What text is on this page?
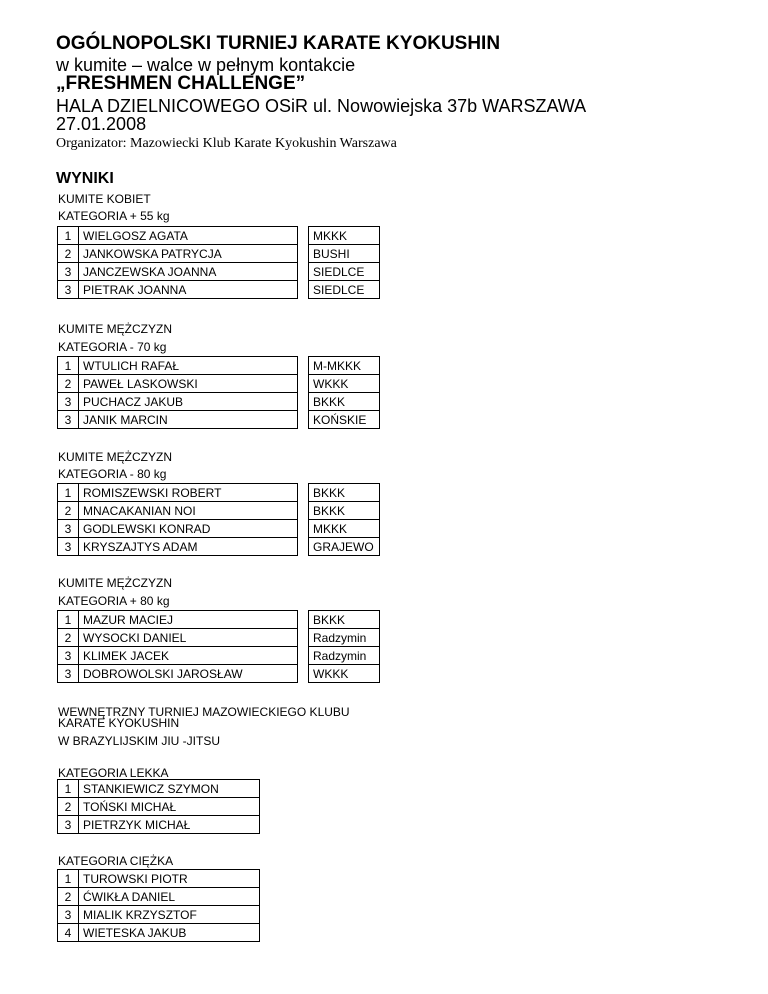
OGÓLNOPOLSKI TURNIEJ KARATE KYOKUSHIN
w kumite – walce w pełnym kontakcie
„FRESHMEN CHALLENGE”
HALA DZIELNICOWEGO OSiR ul. Nowowiejska 37b WARSZAWA
27.01.2008
Organizator: Mazowiecki Klub Karate Kyokushin Warszawa
WYNIKI
KUMITE KOBIET
KATEGORIA + 55 kg
1	WIELGOSZ AGATA		MKKK
2	JANKOWSKA PATRYCJA		BUSHI
3	JANCZEWSKA JOANNA		SIEDLCE
3	PIETRAK JOANNA		SIEDLCE
KUMITE MĘŻCZYZN
KATEGORIA - 70 kg
1	WTULICH RAFAŁ		M-MKKK
2	PAWEŁ LASKOWSKI		WKKK
3	PUCHACZ JAKUB		BKKK
3	JANIK MARCIN		KOŃSKIE
KUMITE MĘŻCZYZN
KATEGORIA - 80 kg
1	ROMISZEWSKI ROBERT		BKKK
2	MNACAKANIAN NOI		BKKK
3	GODLEWSKI KONRAD		MKKK
3	KRYSZAJTYS ADAM		GRAJEWO
KUMITE MĘŻCZYZN
KATEGORIA + 80 kg
1	MAZUR MACIEJ		BKKK
2	WYSOCKI DANIEL		Radzymin
3	KLIMEK JACEK		Radzymin
3	DOBROWOLSKI JAROSŁAW		WKKK
WEWNĘTRZNY TURNIEJ MAZOWIECKIEGO KLUBU
KARATE KYOKUSHIN
W BRAZYLIJSKIM JIU -JITSU
KATEGORIA LEKKA
1	STANKIEWICZ SZYMON
2	TOŃSKI MICHAŁ
3	PIETRZYK MICHAŁ
KATEGORIA CIĘŻKA
1	TUROWSKI PIOTR
2	ĆWIKŁA DANIEL
3	MIALIK KRZYSZTOF
4	WIETESKA JAKUB
